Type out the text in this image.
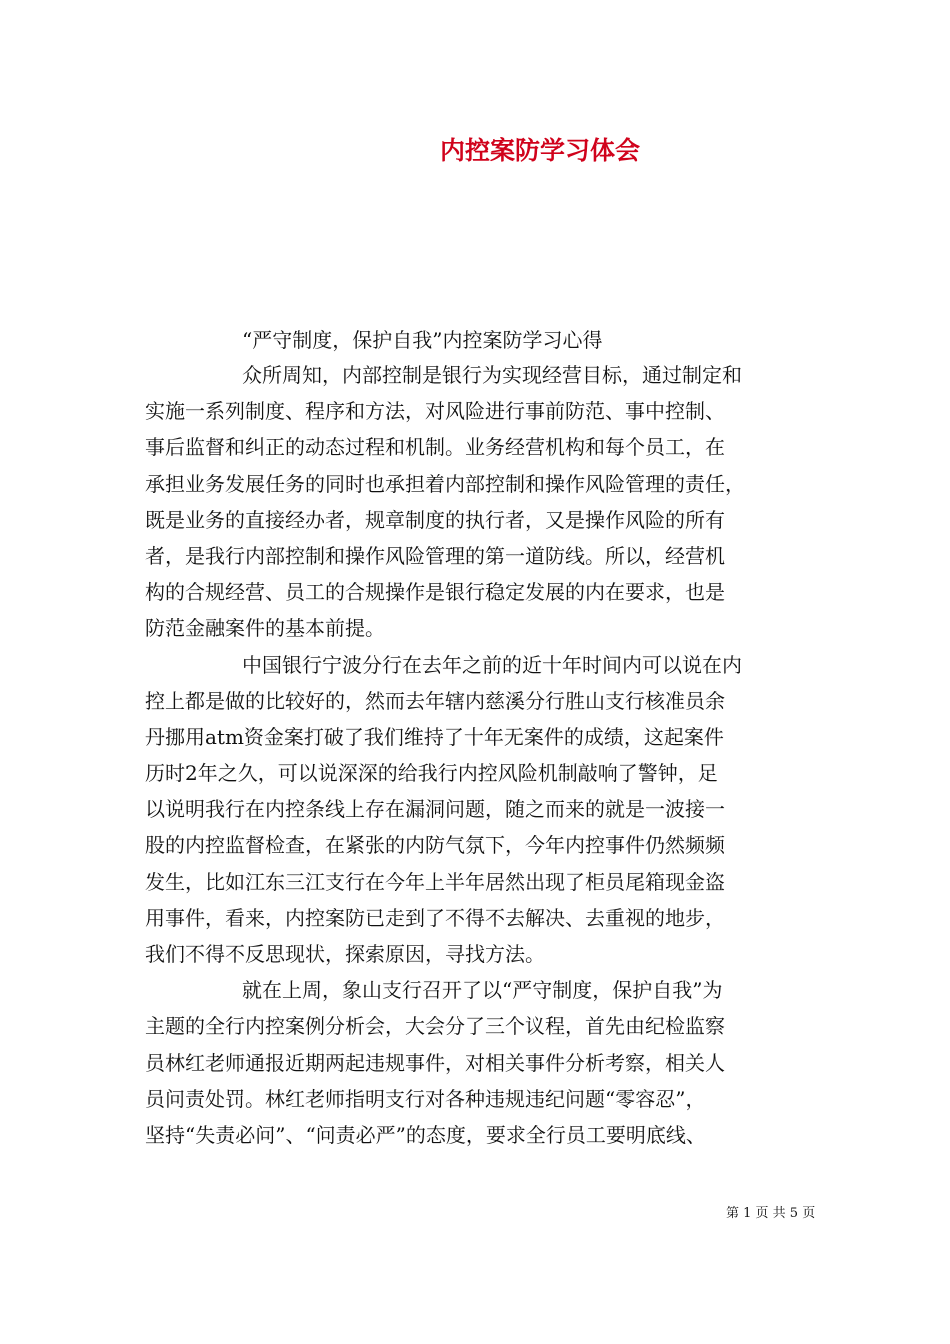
内控案防学习体会
“严守制度，保护自我”内控案防学习心得

众所周知，内部控制是银行为实现经营目标，通过制定和
实施一系列制度、程序和方法，对风险进行事前防范、事中控制、
事后监督和纠正的动态过程和机制。业务经营机构和每个员工，在
承担业务发展任务的同时也承担着内部控制和操作风险管理的责任，
既是业务的直接经办者，规章制度的执行者，又是操作风险的所有
者，是我行内部控制和操作风险管理的第一道防线。所以，经营机
构的合规经营、员工的合规操作是银行稳定发展的内在要求，也是
防范金融案件的基本前提。

中国银行宁波分行在去年之前的近十年时间内可以说在内
控上都是做的比较好的，然而去年辖内慈溪分行胜山支行核准员余
丹挪用atm资金案打破了我们维持了十年无案件的成绩，这起案件
历时2年之久，可以说深深的给我行内控风险机制敲响了警钟，足
以说明我行在内控条线上存在漏洞问题，随之而来的就是一波接一
股的内控监督检查，在紧张的内防气氛下，今年内控事件仍然频频
发生，比如江东三江支行在今年上半年居然出现了柜员尾箱现金盗
用事件，看来，内控案防已走到了不得不去解决、去重视的地步，
我们不得不反思现状，探索原因，寻找方法。

就在上周，象山支行召开了以“严守制度，保护自我”为
主题的全行内控案例分析会，大会分了三个议程，首先由纪检监察
员林红老师通报近期两起违规事件，对相关事件分析考察，相关人
员问责处罚。林红老师指明支行对各种违规违纪问题“零容忍”，
坚持“失责必问”、“问责必严”的态度，要求全行员工要明底线、

第 1 页 共 5 页
